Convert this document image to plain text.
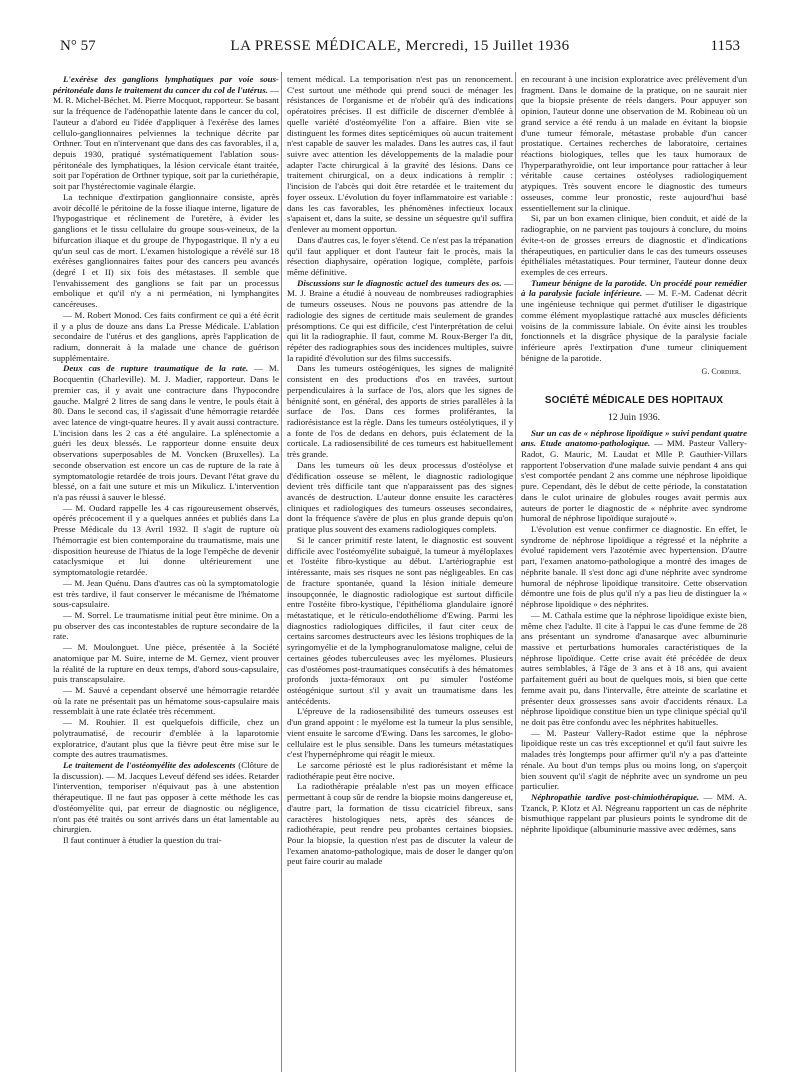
N° 57	LA PRESSE MÉDICALE, Mercredi, 15 Juillet 1936	1153

L'exérèse des ganglions lymphatiques par voie sous-péritonéale dans le traitement du cancer du col de l'utérus. — M. R. Michel-Béchet. M. Pierre Mocquot, rapporteur. Se basant sur la fréquence de l'adénopathie latente dans le cancer du col, l'auteur a d'abord eu l'idée d'appliquer à l'exérèse des lames cellulo-ganglionnaires pelviennes la technique décrite par Orthner. Tout en n'intervenant que dans des cas favorables, il a, depuis 1930, pratiqué systématiquement l'ablation sous-péritonéale des lymphatiques, la lésion cervicale étant traitée, soit par l'opération de Orthner typique, soit par la curiethérapie, soit par l'hystérectomie vaginale élargie.

La technique d'extirpation ganglionnaire consiste, après avoir décollé le péritoine de la fosse iliaque interne, ligature de l'hypogastrique et réclinement de l'uretère, à évider les ganglions et le tissu cellulaire du groupe sous-veineux, de la bifurcation iliaque et du groupe de l'hypogastrique. Il n'y a eu qu'un seul cas de mort. L'examen histologique a révélé sur 18 exérèses ganglionnaires faites pour des cancers peu avancés (degré I et II) six fois des métastases. Il semble que l'envahissement des ganglions se fait par un processus embolique et qu'il n'y a ni perméation, ni lymphangites cancéreuses.

— M. Robert Monod. Ces faits confirment ce qui a été écrit il y a plus de douze ans dans La Presse Médicale. L'ablation secondaire de l'utérus et des ganglions, après l'application de radium, donnerait à la malade une chance de guérison supplémentaire.

Deux cas de rupture traumatique de la rate. — M. Bocquentin (Charleville). M. J. Madier, rapporteur. Dans le premier cas, il y avait une contracture dans l'hypocondre gauche. Malgré 2 litres de sang dans le ventre, le pouls était à 80. Dans le second cas, il s'agissait d'une hémorragie retardée avec latence de vingt-quatre heures. Il y avait aussi contracture. L'incision dans les 2 cas a été angulaire. La splénectomie a guéri les deux blessés. Le rapporteur donne ensuite deux observations superposables de M. Voncken (Bruxelles). La seconde observation est encore un cas de rupture de la rate à symptomatologie retardée de trois jours. Devant l'état grave du blessé, on a fait une suture et mis un Mikulicz. L'intervention n'a pas réussi à sauver le blessé.

— M. Oudard rappelle les 4 cas rigoureusement observés, opérés précocement il y a quelques années et publiés dans La Presse Médicale du 13 Avril 1932. Il s'agit de rupture où l'hémorragie est bien contemporaine du traumatisme, mais une disposition heureuse de l'hiatus de la loge l'empêche de devenir cataclysmique et lui donne ultérieurement une symptomatologie retardée.

— M. Jean Quénu. Dans d'autres cas où la symptomatologie est très tardive, il faut conserver le mécanisme de l'hématome sous-capsulaire.

— M. Sorrel. Le traumatisme initial peut être minime. On a pu observer des cas incontestables de rupture secondaire de la rate.

— M. Moulonguet. Une pièce, présentée à la Société anatomique par M. Suire, interne de M. Gernez, vient prouver la réalité de la rupture en deux temps, d'abord sous-capsulaire, puis transcapsulaire.

— M. Sauvé a cependant observé une hémorragie retardée où la rate ne présentait pas un hématome sous-capsulaire mais ressemblait à une rate éclatée très récemment.

— M. Rouhier. Il est quelquefois difficile, chez un polytraumatisé, de recourir d'emblée à la laparotomie exploratrice, d'autant plus que la fièvre peut être mise sur le compte des autres traumatismes.

Le traitement de l'ostéomyélite des adolescents (Clôture de la discussion). — M. Jacques Leveuf défend ses idées. Retarder l'intervention, temporiser n'équivaut pas à une abstention thérapeutique. Il ne faut pas opposer à cette méthode les cas d'ostéomyélite qui, par erreur de diagnostic ou négligence, n'ont pas été traités ou sont arrivés dans un état lamentable au chirurgien.

Il faut continuer à étudier la question du trai-

tement médical. La temporisation n'est pas un renoncement. C'est surtout une méthode qui prend souci de ménager les résistances de l'organisme et de n'obéir qu'à des indications opératoires précises. Il est difficile de discerner d'emblée à quelle variété d'ostéomyélite l'on a affaire. Bien vite se distinguent les formes dites septicémiques où aucun traitement n'est capable de sauver les malades. Dans les autres cas, il faut suivre avec attention les développements de la maladie pour adapter l'acte chirurgical à la gravité des lésions. Dans ce traitement chirurgical, on a deux indications à remplir : l'incision de l'abcès qui doit être retardée et le traitement du foyer osseux. L'évolution du foyer inflammatoire est variable : dans les cas favorables, les phénomènes infectieux locaux s'apaisent et, dans la suite, se dessine un séquestre qu'il suffira d'enlever au moment opportun.

Dans d'autres cas, le foyer s'étend. Ce n'est pas la trépanation qu'il faut appliquer et dont l'auteur fait le procès, mais la résection diaphysaire, opération logique, complète, parfois même définitive.

Discussions sur le diagnostic actuel des tumeurs des os. — M. J. Braine a étudié à nouveau de nombreuses radiographies de tumeurs osseuses. Nous ne pouvons pas attendre de la radiologie des signes de certitude mais seulement de grandes présomptions. Ce qui est difficile, c'est l'interprétation de celui qui lit la radiographie. Il faut, comme M. Roux-Berger l'a dit, répéter des radiographies sous des incidences multiples, suivre la rapidité d'évolution sur des films successifs.

Dans les tumeurs ostéogéniques, les signes de malignité consistent en des productions d'os en travées, surtout perpendiculaires à la surface de l'os, alors que les signes de bénignité sont, en général, des apports de stries parallèles à la surface de l'os. Dans ces formes proliférantes, la radiorésistance est la règle. Dans les tumeurs ostéolytiques, il y a fonte de l'os de dedans en dehors, puis éclatement de la corticale. La radiosensibilité de ces tumeurs est habituellement très grande.

Dans les tumeurs où les deux processus d'ostéolyse et d'édification osseuse se mêlent, le diagnostic radiologique devient très difficile tant que n'apparaissent pas des signes avancés de destruction. L'auteur donne ensuite les caractères cliniques et radiologiques des tumeurs osseuses secondaires, dont la fréquence s'avère de plus en plus grande depuis qu'on pratique plus souvent des examens radiologiques complets.

Si le cancer primitif reste latent, le diagnostic est souvent difficile avec l'ostéomyélite subaiguë, la tumeur à myéloplaxes et l'ostéite fibro-kystique au début. L'artériographie est intéressante, mais ses risques ne sont pas négligeables. En cas de fracture spontanée, quand la lésion initiale demeure insoupçonnée, le diagnostic radiologique est surtout difficile entre l'ostéite fibro-kystique, l'épithélioma glandulaire ignoré métastatique, et le réticulo-endothéliome d'Ewing. Parmi les diagnostics radiologiques difficiles, il faut citer ceux de certains sarcomes destructeurs avec les lésions trophiques de la syringomyélie et de la lymphogranulomatose maligne, celui de certaines géodes tuberculeuses avec les myélomes. Plusieurs cas d'ostéomes post-traumatiques consécutifs à des hématomes profonds juxta-fémoraux ont pu simuler l'ostéome ostéogénique surtout s'il y avait un traumatisme dans les antécédents.

L'épreuve de la radiosensibilité des tumeurs osseuses est d'un grand appoint : le myélome est la tumeur la plus sensible, vient ensuite le sarcome d'Ewing. Dans les sarcomes, le globo-cellulaire est le plus sensible. Dans les tumeurs métastatiques c'est l'hypernéphrome qui réagit le mieux.

Le sarcome périosté est le plus radiorésistant et même la radiothérapie peut être nocive.

La radiothérapie préalable n'est pas un moyen efficace permettant à coup sûr de rendre la biopsie moins dangereuse et, d'autre part, la formation de tissu cicatriciel fibreux, sans caractères histologiques nets, après des séances de radiothérapie, peut rendre peu probantes certaines biopsies. Pour la biopsie, la question n'est pas de discuter la valeur de l'examen anatomo-pathologique, mais de doser le danger qu'on peut faire courir au malade

en recourant à une incision exploratrice avec prélèvement d'un fragment. Dans le domaine de la pratique, on ne saurait nier que la biopsie présente de réels dangers. Pour appuyer son opinion, l'auteur donne une observation de M. Robineau où un grand service a été rendu à un malade en évitant la biopsie d'une tumeur fémorale, métastase probable d'un cancer prostatique. Certaines recherches de laboratoire, certaines réactions biologiques, telles que les taux humoraux de l'hyperparathyroïdie, ont leur importance pour rattacher à leur véritable cause certaines ostéolyses radiologiquement atypiques. Très souvent encore le diagnostic des tumeurs osseuses, comme leur pronostic, reste aujourd'hui basé essentiellement sur la clinique.

Si, par un bon examen clinique, bien conduit, et aidé de la radiographie, on ne parvient pas toujours à conclure, du moins évite-t-on de grosses erreurs de diagnostic et d'indications thérapeutiques, en particulier dans le cas des tumeurs osseuses épithéliales métastatiques. Pour terminer, l'auteur donne deux exemples de ces erreurs.

Tumeur bénigne de la parotide. Un procédé pour remédier à la paralysie faciale inférieure. — M. F.-M. Cadenat décrit une ingénieuse technique qui permet d'utiliser le digastrique comme élément myoplastique rattaché aux muscles déficients voisins de la commissure labiale. On évite ainsi les troubles fonctionnels et la disgrâce physique de la paralysie faciale inférieure après l'extirpation d'une tumeur cliniquement bénigne de la parotide.

G. Cordier.

SOCIÉTÉ MÉDICALE DES HOPITAUX

12 Juin 1936.

Sur un cas de « néphrose lipoïdique » suivi pendant quatre ans. Etude anatomo-pathologique. — MM. Pasteur Vallery-Radot, G. Mauric, M. Laudat et Mlle P. Gauthier-Villars rapportent l'observation d'une malade suivie pendant 4 ans qui s'est comportée pendant 2 ans comme une néphrose lipoïdique pure. Cependant, dès le début de cette période, la constatation dans le culot urinaire de globules rouges avait permis aux auteurs de porter le diagnostic de « néphrite avec syndrome humoral de néphrose lipoïdique surajouté ».

L'évolution est venue confirmer ce diagnostic. En effet, le syndrome de néphrose lipoïdique a régressé et la néphrite a évolué rapidement vers l'azotémie avec hypertension. D'autre part, l'examen anatomo-pathologique a montré des images de néphrite banale. Il s'est donc agi d'une néphrite avec syndrome humoral de néphrose lipoïdique transitoire. Cette observation démontre une fois de plus qu'il n'y a pas lieu de distinguer la « néphrose lipoïdique » des néphrites.

— M. Cathala estime que la néphrose lipoïdique existe bien, même chez l'adulte. Il cite à l'appui le cas d'une femme de 28 ans présentant un syndrome d'anasarque avec albuminurie massive et perturbations humorales caractéristiques de la néphrose lipoïdique. Cette crise avait été précédée de deux autres semblables, à l'âge de 3 ans et à 18 ans, qui avaient parfaitement guéri au bout de quelques mois, si bien que cette femme avait pu, dans l'intervalle, être atteinte de scarlatine et présenter deux grossesses sans avoir d'accidents rénaux. La néphrose lipoïdique constitue bien un type clinique spécial qu'il ne doit pas être confondu avec les néphrites habituelles.

— M. Pasteur Vallery-Radot estime que la néphrose lipoïdique reste un cas très exceptionnel et qu'il faut suivre les malades très longtemps pour affirmer qu'il n'y a pas d'atteinte rénale. Au bout d'un temps plus ou moins long, on s'aperçoit bien souvent qu'il s'agit de néphrite avec un syndrome un peu particulier.

Néphropathie tardive post-chimiothérapique. — MM. A. Tzanck, P. Klotz et Al. Négreanu rapportent un cas de néphrite bismuthique rappelant par plusieurs points le syndrome dit de néphrite lipoïdique (albuminurie massive avec œdèmes, sans
